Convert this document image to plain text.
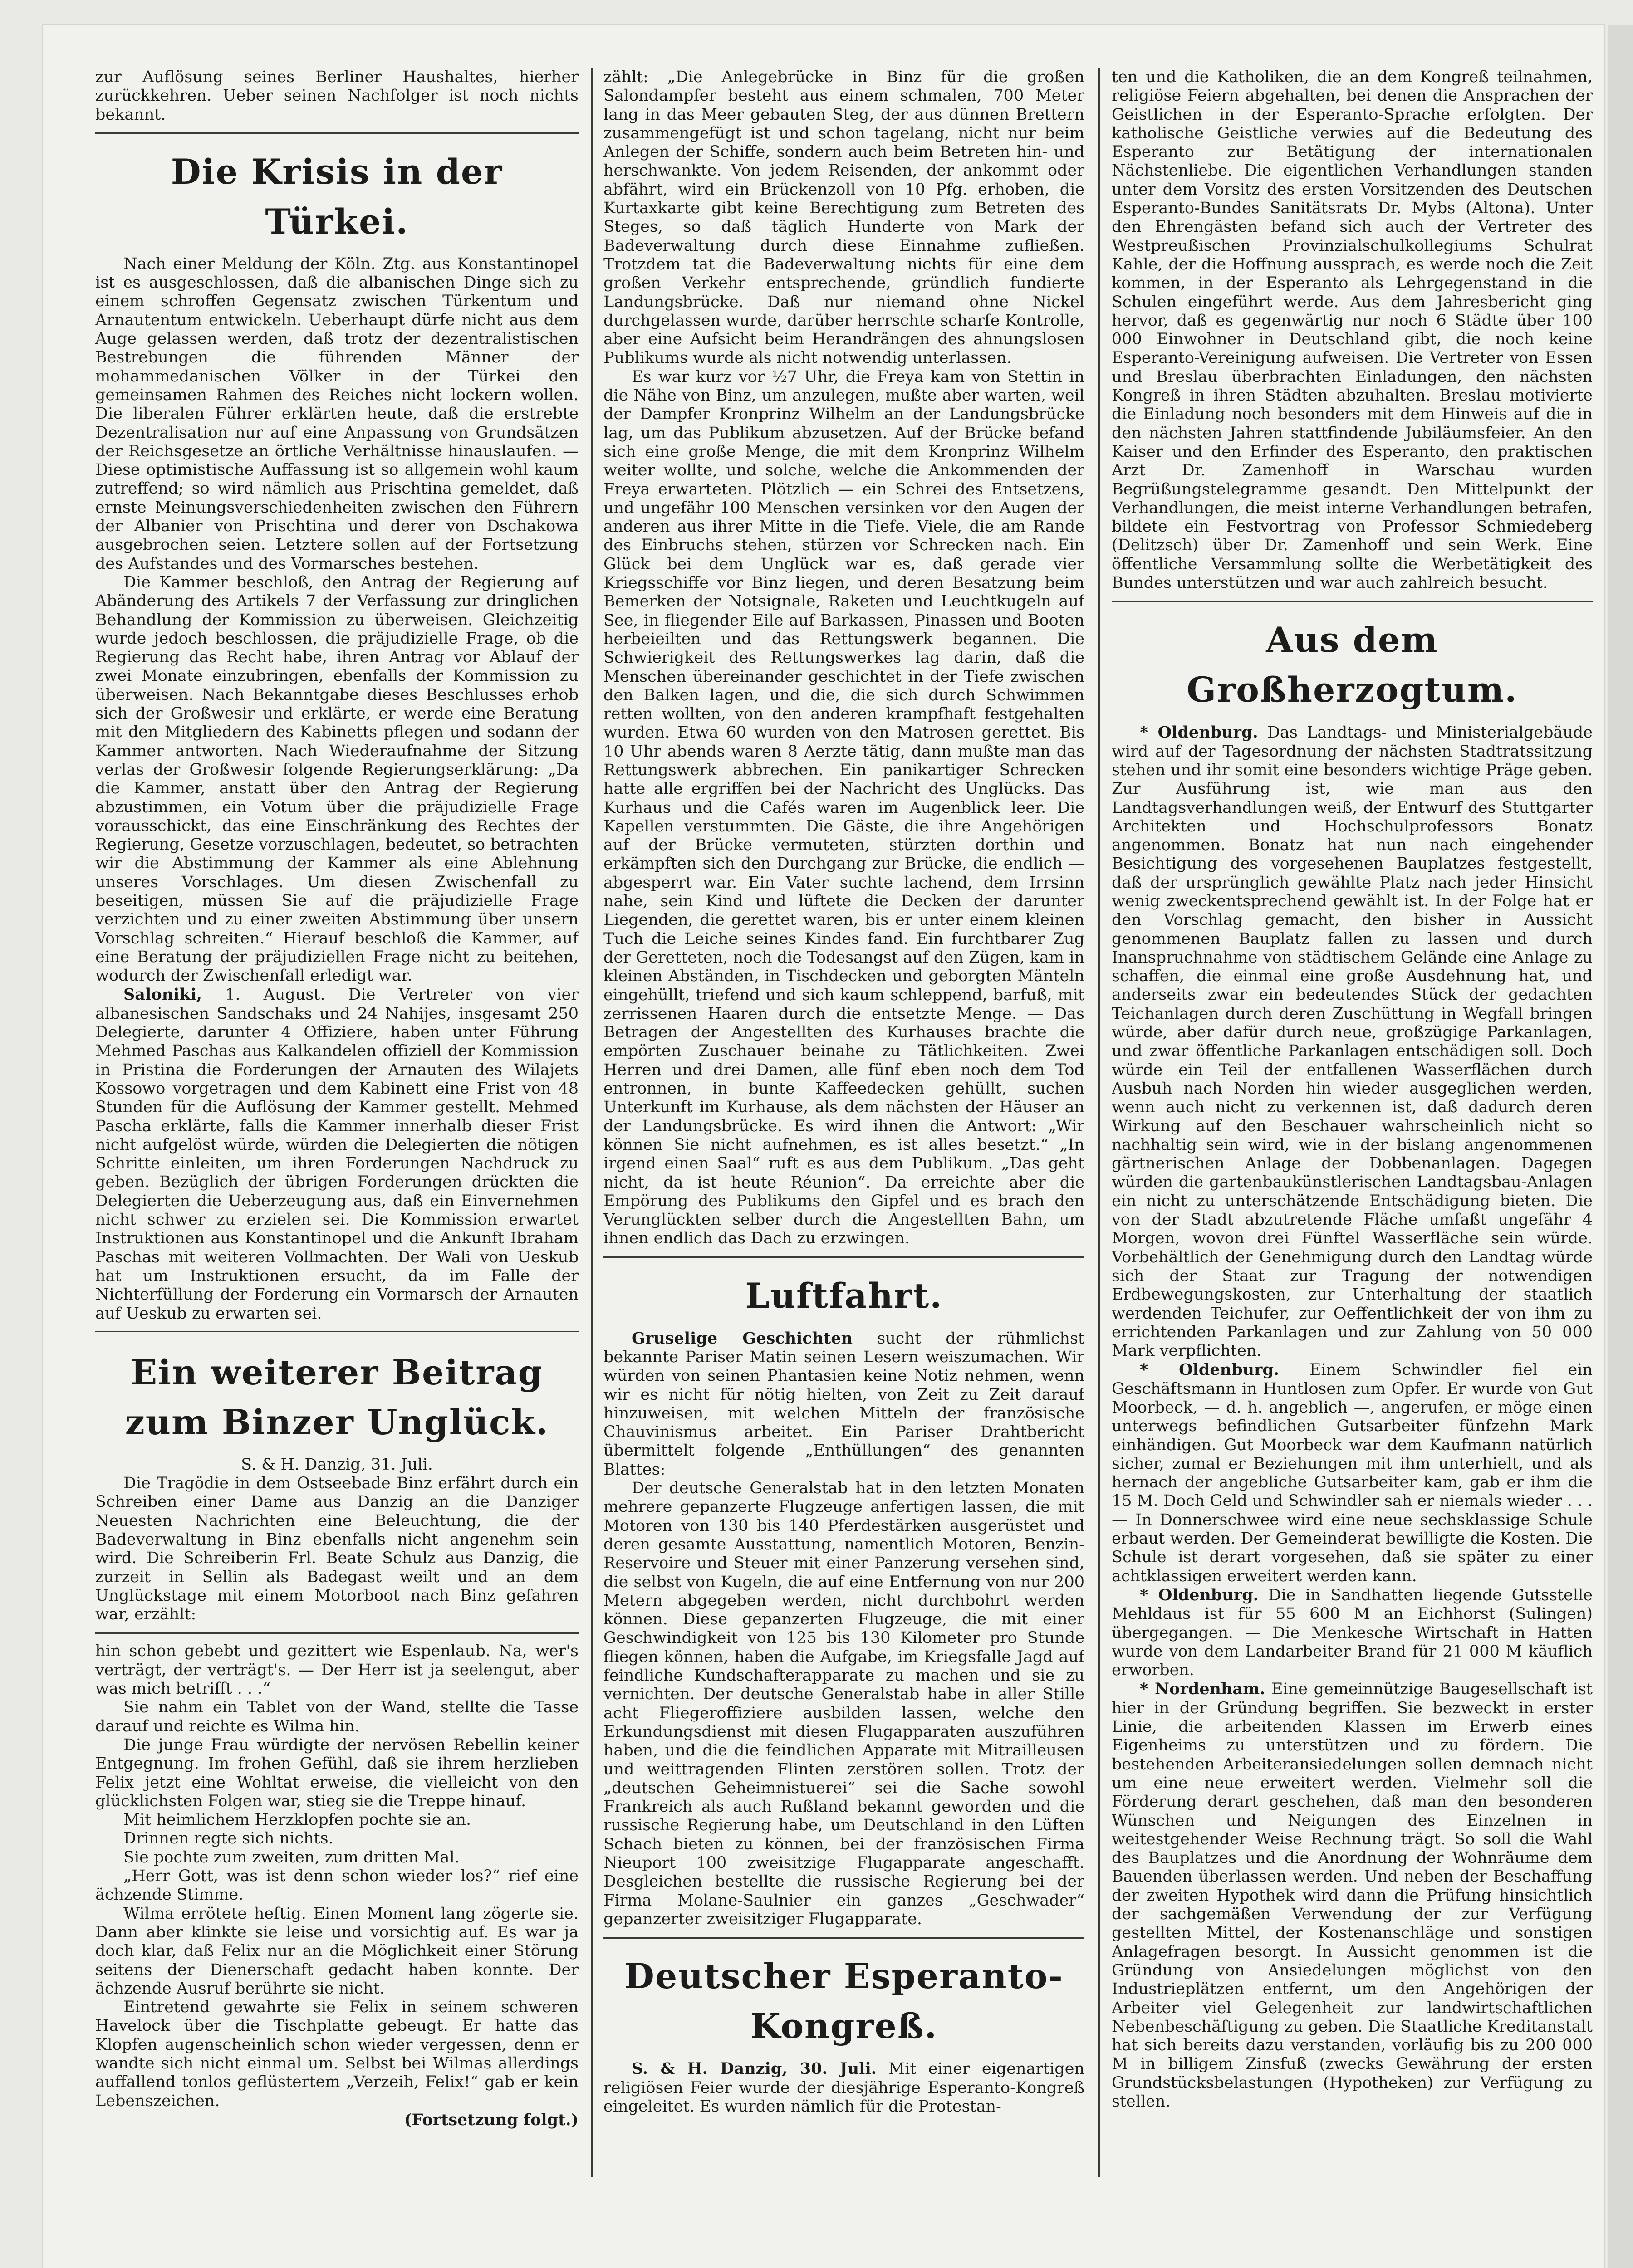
zur Auflösung seines Berliner Haushaltes, hierher zurückkehren. Ueber seinen Nachfolger ist noch nichts bekannt.

Die Krisis in der Türkei.

Nach einer Meldung der Köln. Ztg. aus Konstantinopel ist es ausgeschlossen, daß die albanischen Dinge sich zu einem schroffen Gegensatz zwischen Türkentum und Arnautentum entwickeln. Ueberhaupt dürfe nicht aus dem Auge gelassen werden, daß trotz der dezentralistischen Bestrebungen die führenden Männer der mohammedanischen Völker in der Türkei den gemeinsamen Rahmen des Reiches nicht lockern wollen. Die liberalen Führer erklärten heute, daß die erstrebte Dezentralisation nur auf eine Anpassung von Grundsätzen der Reichsgesetze an örtliche Verhältnisse hinauslaufen. — Diese optimistische Auffassung ist so allgemein wohl kaum zutreffend; so wird nämlich aus Prischtina gemeldet, daß ernste Meinungsverschiedenheiten zwischen den Führern der Albanier von Prischtina und derer von Dschakowa ausgebrochen seien. Letztere sollen auf der Fortsetzung des Aufstandes und des Vormarsches bestehen.

Die Kammer beschloß, den Antrag der Regierung auf Abänderung des Artikels 7 der Verfassung zur dringlichen Behandlung der Kommission zu überweisen. Gleichzeitig wurde jedoch beschlossen, die präjudizielle Frage, ob die Regierung das Recht habe, ihren Antrag vor Ablauf der zwei Monate einzubringen, ebenfalls der Kommission zu überweisen. Nach Bekanntgabe dieses Beschlusses erhob sich der Großwesir und erklärte, er werde eine Beratung mit den Mitgliedern des Kabinetts pflegen und sodann der Kammer antworten. Nach Wiederaufnahme der Sitzung verlas der Großwesir folgende Regierungserklärung: „Da die Kammer, anstatt über den Antrag der Regierung abzustimmen, ein Votum über die präjudizielle Frage vorausschickt, das eine Einschränkung des Rechtes der Regierung, Gesetze vorzuschlagen, bedeutet, so betrachten wir die Abstimmung der Kammer als eine Ablehnung unseres Vorschlages. Um diesen Zwischenfall zu beseitigen, müssen Sie auf die präjudizielle Frage verzichten und zu einer zweiten Abstimmung über unsern Vorschlag schreiten.“ Hierauf beschloß die Kammer, auf eine Beratung der präjudiziellen Frage nicht zu beitehen, wodurch der Zwischenfall erledigt war.

Saloniki, 1. August. Die Vertreter von vier albanesischen Sandschaks und 24 Nahijes, insgesamt 250 Delegierte, darunter 4 Offiziere, haben unter Führung Mehmed Paschas aus Kalkandelen offiziell der Kommission in Pristina die Forderungen der Arnauten des Wilajets Kossowo vorgetragen und dem Kabinett eine Frist von 48 Stunden für die Auflösung der Kammer gestellt. Mehmed Pascha erklärte, falls die Kammer innerhalb dieser Frist nicht aufgelöst würde, würden die Delegierten die nötigen Schritte einleiten, um ihren Forderungen Nachdruck zu geben. Bezüglich der übrigen Forderungen drückten die Delegierten die Ueberzeugung aus, daß ein Einvernehmen nicht schwer zu erzielen sei. Die Kommission erwartet Instruktionen aus Konstantinopel und die Ankunft Ibraham Paschas mit weiteren Vollmachten. Der Wali von Ueskub hat um Instruktionen ersucht, da im Falle der Nichterfüllung der Forderung ein Vormarsch der Arnauten auf Ueskub zu erwarten sei.

Ein weiterer Beitrag zum Binzer Unglück.

S. & H. Danzig, 31. Juli.

Die Tragödie in dem Ostseebade Binz erfährt durch ein Schreiben einer Dame aus Danzig an die Danziger Neuesten Nachrichten eine Beleuchtung, die der Badeverwaltung in Binz ebenfalls nicht angenehm sein wird. Die Schreiberin Frl. Beate Schulz aus Danzig, die zurzeit in Sellin als Badegast weilt und an dem Unglückstage mit einem Motorboot nach Binz gefahren war, erzählt:

hin schon gebebt und gezittert wie Espenlaub. Na, wer's verträgt, der verträgt's. — Der Herr ist ja seelengut, aber was mich betrifft . . .“

Sie nahm ein Tablet von der Wand, stellte die Tasse darauf und reichte es Wilma hin.

Die junge Frau würdigte der nervösen Rebellin keiner Entgegnung. Im frohen Gefühl, daß sie ihrem herzlieben Felix jetzt eine Wohltat erweise, die vielleicht von den glücklichsten Folgen war, stieg sie die Treppe hinauf.

Mit heimlichem Herzklopfen pochte sie an.

Drinnen regte sich nichts.

Sie pochte zum zweiten, zum dritten Mal.

„Herr Gott, was ist denn schon wieder los?“ rief eine ächzende Stimme.

Wilma errötete heftig. Einen Moment lang zögerte sie. Dann aber klinkte sie leise und vorsichtig auf. Es war ja doch klar, daß Felix nur an die Möglichkeit einer Störung seitens der Dienerschaft gedacht haben konnte. Der ächzende Ausruf berührte sie nicht.

Eintretend gewahrte sie Felix in seinem schweren Havelock über die Tischplatte gebeugt. Er hatte das Klopfen augenscheinlich schon wieder vergessen, denn er wandte sich nicht einmal um. Selbst bei Wilmas allerdings auffallend tonlos geflüstertem „Verzeih, Felix!“ gab er kein Lebenszeichen.

(Fortsetzung folgt.)

zählt: „Die Anlegebrücke in Binz für die großen Salondampfer besteht aus einem schmalen, 700 Meter lang in das Meer gebauten Steg, der aus dünnen Brettern zusammengefügt ist und schon tagelang, nicht nur beim Anlegen der Schiffe, sondern auch beim Betreten hin- und herschwankte. Von jedem Reisenden, der ankommt oder abfährt, wird ein Brückenzoll von 10 Pfg. erhoben, die Kurtaxkarte gibt keine Berechtigung zum Betreten des Steges, so daß täglich Hunderte von Mark der Badeverwaltung durch diese Einnahme zufließen. Trotzdem tat die Badeverwaltung nichts für eine dem großen Verkehr entsprechende, gründlich fundierte Landungsbrücke. Daß nur niemand ohne Nickel durchgelassen wurde, darüber herrschte scharfe Kontrolle, aber eine Aufsicht beim Herandrängen des ahnungslosen Publikums wurde als nicht notwendig unterlassen.

Es war kurz vor ½7 Uhr, die Freya kam von Stettin in die Nähe von Binz, um anzulegen, mußte aber warten, weil der Dampfer Kronprinz Wilhelm an der Landungsbrücke lag, um das Publikum abzusetzen. Auf der Brücke befand sich eine große Menge, die mit dem Kronprinz Wilhelm weiter wollte, und solche, welche die Ankommenden der Freya erwarteten. Plötzlich — ein Schrei des Entsetzens, und ungefähr 100 Menschen versinken vor den Augen der anderen aus ihrer Mitte in die Tiefe. Viele, die am Rande des Einbruchs stehen, stürzen vor Schrecken nach. Ein Glück bei dem Unglück war es, daß gerade vier Kriegsschiffe vor Binz liegen, und deren Besatzung beim Bemerken der Notsignale, Raketen und Leuchtkugeln auf See, in fliegender Eile auf Barkassen, Pinassen und Booten herbeieilten und das Rettungswerk begannen. Die Schwierigkeit des Rettungswerkes lag darin, daß die Menschen übereinander geschichtet in der Tiefe zwischen den Balken lagen, und die, die sich durch Schwimmen retten wollten, von den anderen krampfhaft festgehalten wurden. Etwa 60 wurden von den Matrosen gerettet. Bis 10 Uhr abends waren 8 Aerzte tätig, dann mußte man das Rettungswerk abbrechen. Ein panikartiger Schrecken hatte alle ergriffen bei der Nachricht des Unglücks. Das Kurhaus und die Cafés waren im Augenblick leer. Die Kapellen verstummten. Die Gäste, die ihre Angehörigen auf der Brücke vermuteten, stürzten dorthin und erkämpften sich den Durchgang zur Brücke, die endlich — abgesperrt war. Ein Vater suchte lachend, dem Irrsinn nahe, sein Kind und lüftete die Decken der darunter Liegenden, die gerettet waren, bis er unter einem kleinen Tuch die Leiche seines Kindes fand. Ein furchtbarer Zug der Geretteten, noch die Todesangst auf den Zügen, kam in kleinen Abständen, in Tischdecken und geborgten Mänteln eingehüllt, triefend und sich kaum schleppend, barfuß, mit zerrissenen Haaren durch die entsetzte Menge. — Das Betragen der Angestellten des Kurhauses brachte die empörten Zuschauer beinahe zu Tätlichkeiten. Zwei Herren und drei Damen, alle fünf eben noch dem Tod entronnen, in bunte Kaffeedecken gehüllt, suchen Unterkunft im Kurhause, als dem nächsten der Häuser an der Landungsbrücke. Es wird ihnen die Antwort: „Wir können Sie nicht aufnehmen, es ist alles besetzt.“ „In irgend einen Saal“ ruft es aus dem Publikum. „Das geht nicht, da ist heute Réunion“. Da erreichte aber die Empörung des Publikums den Gipfel und es brach den Verunglückten selber durch die Angestellten Bahn, um ihnen endlich das Dach zu erzwingen.

Luftfahrt.

Gruselige Geschichten sucht der rühmlichst bekannte Pariser Matin seinen Lesern weiszumachen. Wir würden von seinen Phantasien keine Notiz nehmen, wenn wir es nicht für nötig hielten, von Zeit zu Zeit darauf hinzuweisen, mit welchen Mitteln der französische Chauvinismus arbeitet. Ein Pariser Drahtbericht übermittelt folgende „Enthüllungen“ des genannten Blattes:

Der deutsche Generalstab hat in den letzten Monaten mehrere gepanzerte Flugzeuge anfertigen lassen, die mit Motoren von 130 bis 140 Pferdestärken ausgerüstet und deren gesamte Ausstattung, namentlich Motoren, Benzin-Reservoire und Steuer mit einer Panzerung versehen sind, die selbst von Kugeln, die auf eine Entfernung von nur 200 Metern abgegeben werden, nicht durchbohrt werden können. Diese gepanzerten Flugzeuge, die mit einer Geschwindigkeit von 125 bis 130 Kilometer pro Stunde fliegen können, haben die Aufgabe, im Kriegsfalle Jagd auf feindliche Kundschafterapparate zu machen und sie zu vernichten. Der deutsche Generalstab habe in aller Stille acht Fliegeroffiziere ausbilden lassen, welche den Erkundungsdienst mit diesen Flugapparaten auszuführen haben, und die die feindlichen Apparate mit Mitrailleusen und weittragenden Flinten zerstören sollen. Trotz der „deutschen Geheimnistuerei“ sei die Sache sowohl Frankreich als auch Rußland bekannt geworden und die russische Regierung habe, um Deutschland in den Lüften Schach bieten zu können, bei der französischen Firma Nieuport 100 zweisitzige Flugapparate angeschafft. Desgleichen bestellte die russische Regierung bei der Firma Molane-Saulnier ein ganzes „Geschwader“ gepanzerter zweisitziger Flugapparate.

Deutscher Esperanto-Kongreß.

S. & H. Danzig, 30. Juli. Mit einer eigenartigen religiösen Feier wurde der diesjährige Esperanto-Kongreß eingeleitet. Es wurden nämlich für die Protestan-

ten und die Katholiken, die an dem Kongreß teilnahmen, religiöse Feiern abgehalten, bei denen die Ansprachen der Geistlichen in der Esperanto-Sprache erfolgten. Der katholische Geistliche verwies auf die Bedeutung des Esperanto zur Betätigung der internationalen Nächstenliebe. Die eigentlichen Verhandlungen standen unter dem Vorsitz des ersten Vorsitzenden des Deutschen Esperanto-Bundes Sanitätsrats Dr. Mybs (Altona). Unter den Ehrengästen befand sich auch der Vertreter des Westpreußischen Provinzialschulkollegiums Schulrat Kahle, der die Hoffnung aussprach, es werde noch die Zeit kommen, in der Esperanto als Lehrgegenstand in die Schulen eingeführt werde. Aus dem Jahresbericht ging hervor, daß es gegenwärtig nur noch 6 Städte über 100 000 Einwohner in Deutschland gibt, die noch keine Esperanto-Vereinigung aufweisen. Die Vertreter von Essen und Breslau überbrachten Einladungen, den nächsten Kongreß in ihren Städten abzuhalten. Breslau motivierte die Einladung noch besonders mit dem Hinweis auf die in den nächsten Jahren stattfindende Jubiläumsfeier. An den Kaiser und den Erfinder des Esperanto, den praktischen Arzt Dr. Zamenhoff in Warschau wurden Begrüßungstelegramme gesandt. Den Mittelpunkt der Verhandlungen, die meist interne Verhandlungen betrafen, bildete ein Festvortrag von Professor Schmiedeberg (Delitzsch) über Dr. Zamenhoff und sein Werk. Eine öffentliche Versammlung sollte die Werbetätigkeit des Bundes unterstützen und war auch zahlreich besucht.

Aus dem Großherzogtum.

* Oldenburg. Das Landtags- und Ministerialgebäude wird auf der Tagesordnung der nächsten Stadtratssitzung stehen und ihr somit eine besonders wichtige Präge geben. Zur Ausführung ist, wie man aus den Landtagsverhandlungen weiß, der Entwurf des Stuttgarter Architekten und Hochschulprofessors Bonatz angenommen. Bonatz hat nun nach eingehender Besichtigung des vorgesehenen Bauplatzes festgestellt, daß der ursprünglich gewählte Platz nach jeder Hinsicht wenig zweckentsprechend gewählt ist. In der Folge hat er den Vorschlag gemacht, den bisher in Aussicht genommenen Bauplatz fallen zu lassen und durch Inanspruchnahme von städtischem Gelände eine Anlage zu schaffen, die einmal eine große Ausdehnung hat, und anderseits zwar ein bedeutendes Stück der gedachten Teichanlagen durch deren Zuschüttung in Wegfall bringen würde, aber dafür durch neue, großzügige Parkanlagen, und zwar öffentliche Parkanlagen entschädigen soll. Doch würde ein Teil der entfallenen Wasserflächen durch Ausbuh nach Norden hin wieder ausgeglichen werden, wenn auch nicht zu verkennen ist, daß dadurch deren Wirkung auf den Beschauer wahrscheinlich nicht so nachhaltig sein wird, wie in der bislang angenommenen gärtnerischen Anlage der Dobbenanlagen. Dagegen würden die gartenbaukünstlerischen Landtagsbau-Anlagen ein nicht zu unterschätzende Entschädigung bieten. Die von der Stadt abzutretende Fläche umfaßt ungefähr 4 Morgen, wovon drei Fünftel Wasserfläche sein würde. Vorbehältlich der Genehmigung durch den Landtag würde sich der Staat zur Tragung der notwendigen Erdbewegungskosten, zur Unterhaltung der staatlich werdenden Teichufer, zur Oeffentlichkeit der von ihm zu errichtenden Parkanlagen und zur Zahlung von 50 000 Mark verpflichten.

* Oldenburg. Einem Schwindler fiel ein Geschäftsmann in Huntlosen zum Opfer. Er wurde von Gut Moorbeck, — d. h. angeblich —, angerufen, er möge einen unterwegs befindlichen Gutsarbeiter fünfzehn Mark einhändigen. Gut Moorbeck war dem Kaufmann natürlich sicher, zumal er Beziehungen mit ihm unterhielt, und als hernach der angebliche Gutsarbeiter kam, gab er ihm die 15 M. Doch Geld und Schwindler sah er niemals wieder . . . — In Donnerschwee wird eine neue sechsklassige Schule erbaut werden. Der Gemeinderat bewilligte die Kosten. Die Schule ist derart vorgesehen, daß sie später zu einer achtklassigen erweitert werden kann.

* Oldenburg. Die in Sandhatten liegende Gutsstelle Mehldaus ist für 55 600 M an Eichhorst (Sulingen) übergegangen. — Die Menkesche Wirtschaft in Hatten wurde von dem Landarbeiter Brand für 21 000 M käuflich erworben.

* Nordenham. Eine gemeinnützige Baugesellschaft ist hier in der Gründung begriffen. Sie bezweckt in erster Linie, die arbeitenden Klassen im Erwerb eines Eigenheims zu unterstützen und zu fördern. Die bestehenden Arbeiteransiedelungen sollen demnach nicht um eine neue erweitert werden. Vielmehr soll die Förderung derart geschehen, daß man den besonderen Wünschen und Neigungen des Einzelnen in weitestgehender Weise Rechnung trägt. So soll die Wahl des Bauplatzes und die Anordnung der Wohnräume dem Bauenden überlassen werden. Und neben der Beschaffung der zweiten Hypothek wird dann die Prüfung hinsichtlich der sachgemäßen Verwendung der zur Verfügung gestellten Mittel, der Kostenanschläge und sonstigen Anlagefragen besorgt. In Aussicht genommen ist die Gründung von Ansiedelungen möglichst von den Industrieplätzen entfernt, um den Angehörigen der Arbeiter viel Gelegenheit zur landwirtschaftlichen Nebenbeschäftigung zu geben. Die Staatliche Kreditanstalt hat sich bereits dazu verstanden, vorläufig bis zu 200 000 M in billigem Zinsfuß (zwecks Gewährung der ersten Grundstücksbelastungen (Hypotheken) zur Verfügung zu stellen.
